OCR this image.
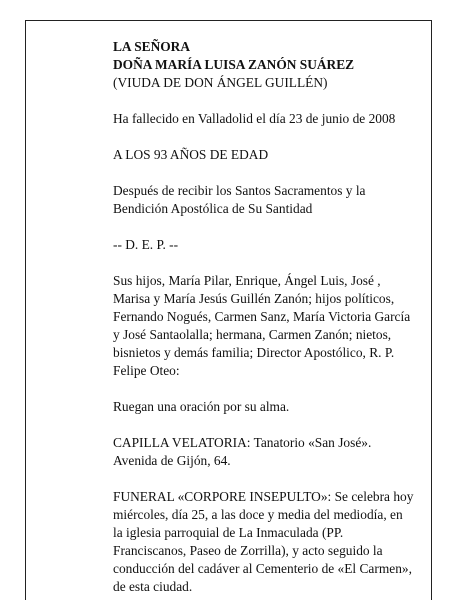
LA SEÑORA

DOÑA MARÍA LUISA ZANÓN SUÁREZ

(VIUDA DE DON ÁNGEL GUILLÉN)

Ha fallecido en Valladolid el día 23 de junio de 2008

A LOS 93 AÑOS DE EDAD

Después de recibir los Santos Sacramentos y la

Bendición Apostólica de Su Santidad

-- D. E. P. --

Sus hijos, María Pilar, Enrique, Ángel Luis, José ,

Marisa y María Jesús Guillén Zanón; hijos políticos,

Fernando Nogués, Carmen Sanz, María Victoria García

y José Santaolalla; hermana, Carmen Zanón; nietos,

bisnietos y demás familia; Director Apostólico, R. P.

Felipe Oteo:

Ruegan una oración por su alma.

CAPILLA VELATORIA: Tanatorio «San José».

Avenida de Gijón, 64.

FUNERAL «CORPORE INSEPULTO»: Se celebra hoy

miércoles, día 25, a las doce y media del mediodía, en

la iglesia parroquial de La Inmaculada (PP.

Franciscanos, Paseo de Zorrilla), y acto seguido la

conducción del cadáver al Cementerio de «El Carmen»,

de esta ciudad.
